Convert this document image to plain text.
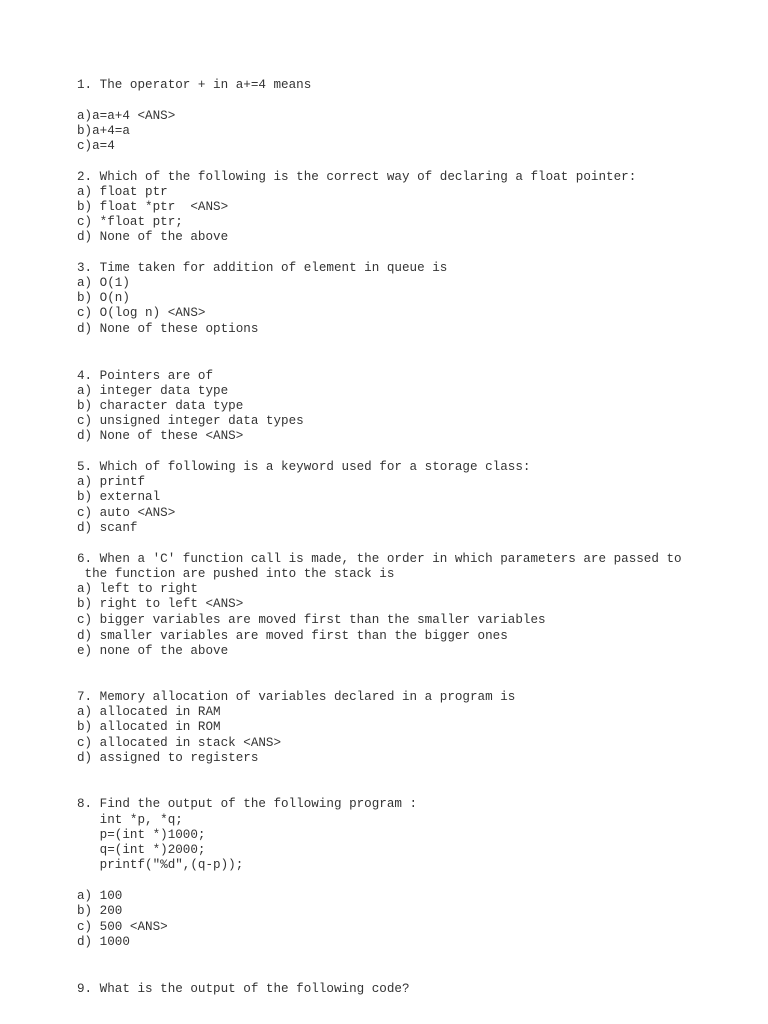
1. The operator + in a+=4 means

a)a=a+4 <ANS>

b)a+4=a

c)a=4

2. Which of the following is the correct way of declaring a float pointer:

a) float ptr

b) float *ptr  <ANS>

c) *float ptr;

d) None of the above

3. Time taken for addition of element in queue is

a) O(1)

b) O(n)

c) O(log n) <ANS>

d) None of these options

4. Pointers are of

a) integer data type

b) character data type

c) unsigned integer data types

d) None of these <ANS>

5. Which of following is a keyword used for a storage class:

a) printf

b) external

c) auto <ANS>

d) scanf

6. When a 'C' function call is made, the order in which parameters are passed to

the function are pushed into the stack is

a) left to right

b) right to left <ANS>

c) bigger variables are moved first than the smaller variables

d) smaller variables are moved first than the bigger ones

e) none of the above

7. Memory allocation of variables declared in a program is

a) allocated in RAM

b) allocated in ROM

c) allocated in stack <ANS>

d) assigned to registers

8. Find the output of the following program :

int *p, *q;

p=(int *)1000;

q=(int *)2000;

printf("%d",(q-p));

a) 100

b) 200

c) 500 <ANS>

d) 1000

9. What is the output of the following code?
